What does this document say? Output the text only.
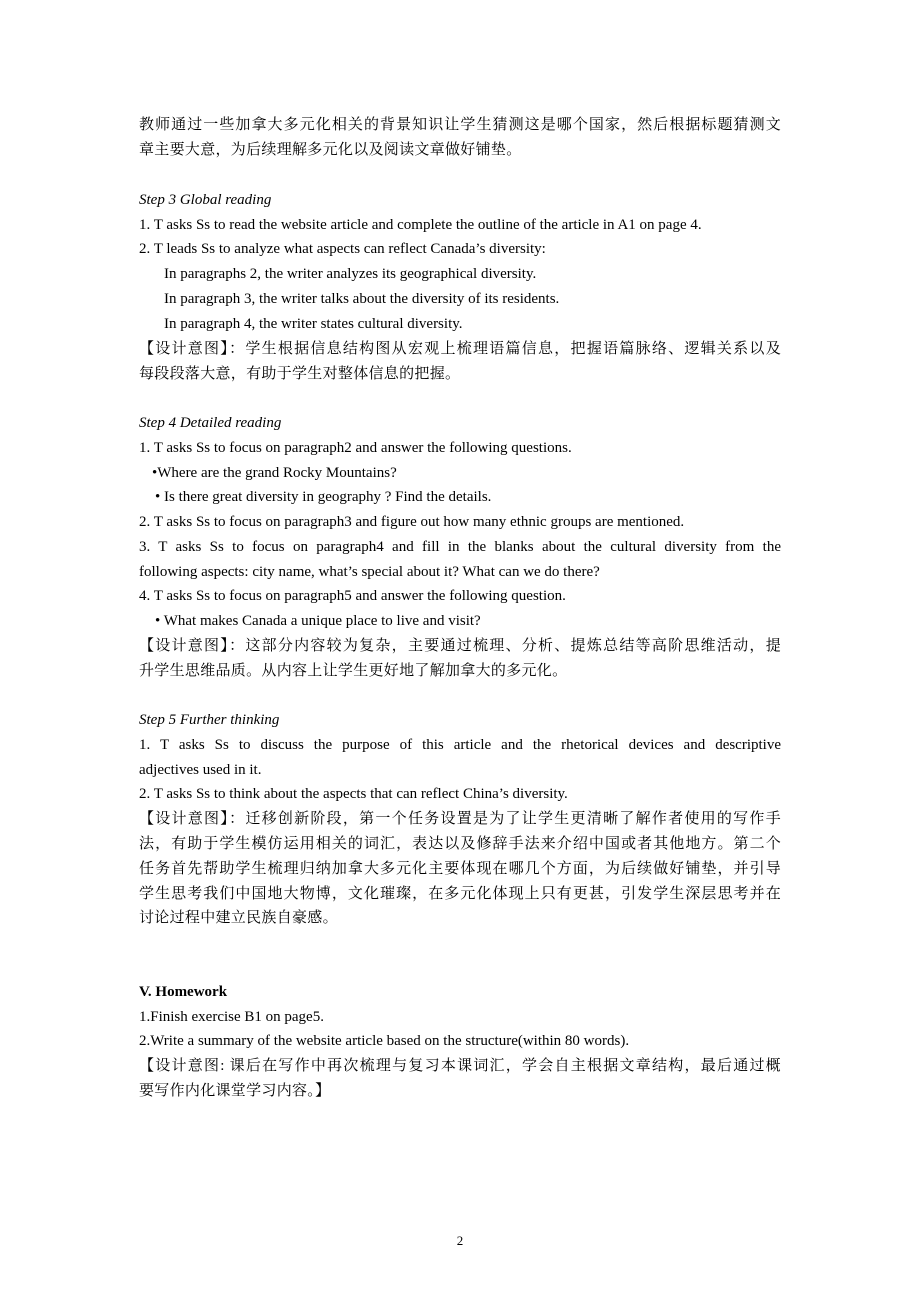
教师通过一些加拿大多元化相关的背景知识让学生猜测这是哪个国家，然后根据标题猜测文
章主要大意，为后续理解多元化以及阅读文章做好铺垫。
Step 3 Global reading
1. T asks Ss to read the website article and complete the outline of the article in A1 on page 4.
2. T leads Ss to analyze what aspects can reflect Canada’s diversity:
In paragraphs 2, the writer analyzes its geographical diversity.
In paragraph 3, the writer talks about the diversity of its residents.
In paragraph 4, the writer states cultural diversity.
【设计意图】：学生根据信息结构图从宏观上梳理语篇信息，把握语篇脉络、逻辑关系以及
每段段落大意，有助于学生对整体信息的把握。
Step 4 Detailed reading
1. T asks Ss to focus on paragraph2 and answer the following questions.
•Where are the grand Rocky Mountains?
• Is there great diversity in geography ? Find the details.
2. T asks Ss to focus on paragraph3 and figure out how many ethnic groups are mentioned.
3. T asks Ss to focus on paragraph4 and fill in the blanks about the cultural diversity from the
following aspects: city name, what’s special about it? What can we do there?
4. T asks Ss to focus on paragraph5 and answer the following question.
• What makes Canada a unique place to live and visit?
【设计意图】：这部分内容较为复杂，主要通过梳理、分析、提炼总结等高阶思维活动，提
升学生思维品质。从内容上让学生更好地了解加拿大的多元化。
Step 5 Further thinking
1. T asks Ss to discuss the purpose of this article and the rhetorical devices and descriptive
adjectives used in it.
2. T asks Ss to think about the aspects that can reflect China’s diversity.
【设计意图】：迁移创新阶段，第一个任务设置是为了让学生更清晰了解作者使用的写作手
法，有助于学生模仿运用相关的词汇，表达以及修辞手法来介绍中国或者其他地方。第二个
任务首先帮助学生梳理归纳加拿大多元化主要体现在哪几个方面，为后续做好铺垫，并引导
学生思考我们中国地大物博，文化璀璨，在多元化体现上只有更甚，引发学生深层思考并在
讨论过程中建立民族自豪感。
V. Homework
1.Finish exercise B1 on page5.
2.Write a summary of the website article based on the structure(within 80 words).
【设计意图: 课后在写作中再次梳理与复习本课词汇，学会自主根据文章结构，最后通过概
要写作内化课堂学习内容。】
2
